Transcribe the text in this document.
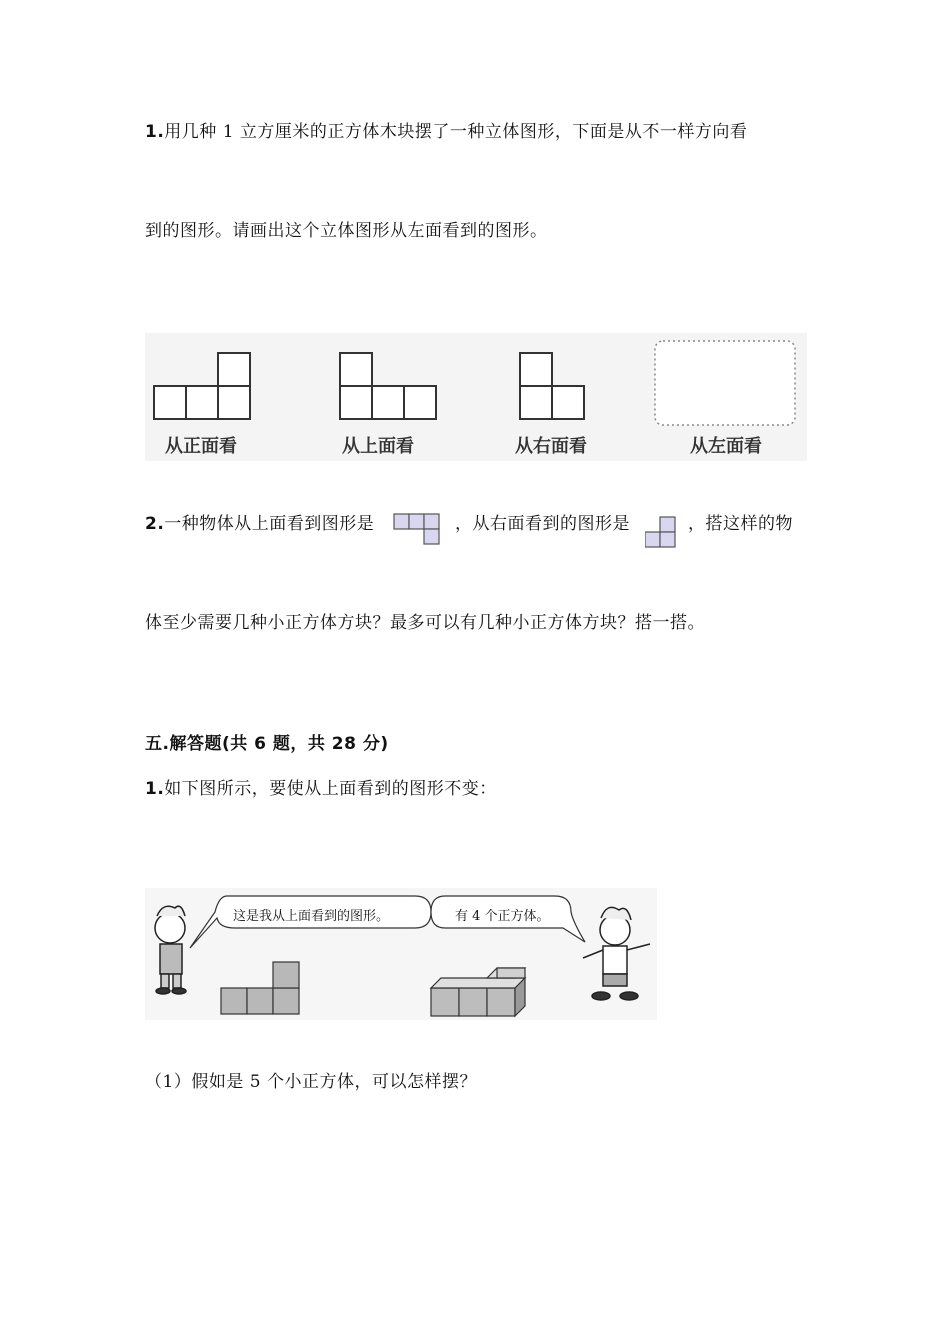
1.用几种 1 立方厘米的正方体木块摆了一种立体图形，下面是从不一样方向看
到的图形。请画出这个立体图形从左面看到的图形。
从正面看	从上面看	从右面看	从左面看
2.一种物体从上面看到图形是	，从右面看到的图形是	，搭这样的物
体至少需要几种小正方体方块？最多可以有几种小正方体方块？搭一搭。
五.解答题(共 6 题，共 28 分)
1.如下图所示，要使从上面看到的图形不变：
这是我从上面看到的图形。	有 4 个正方体。
（1）假如是 5 个小正方体，可以怎样摆？
